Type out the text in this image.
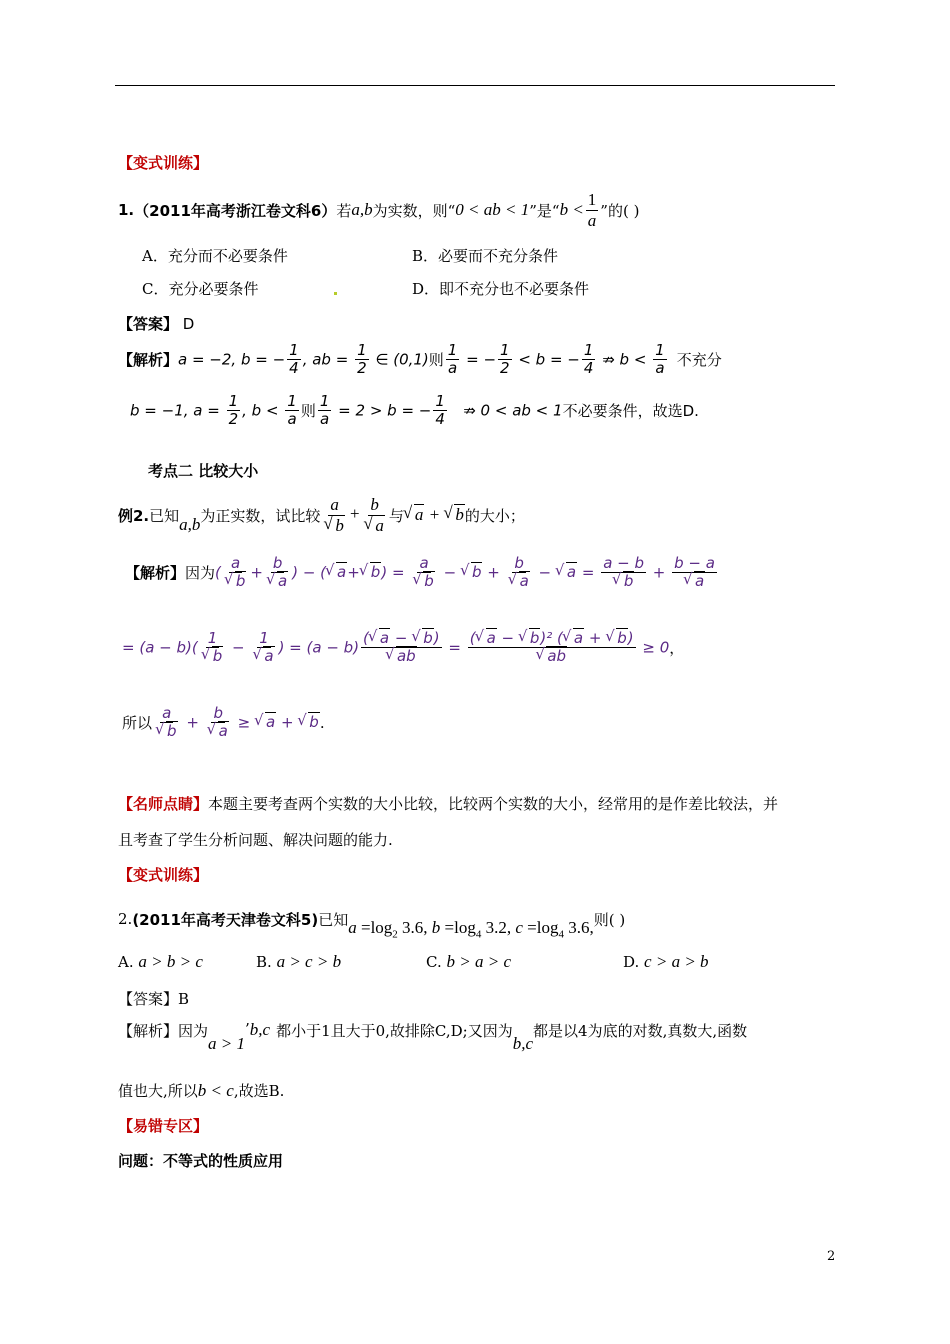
【变式训练】
1. （2011年高考浙江卷文科6） 若 a,b 为实数，则“ 0 < ab < 1 ”是“ $b < \frac{1}{a}$ ”的( )
A．充分而不必要条件	B．必要而不充分条件
C．充分必要条件	D．即不充分也不必要条件
【答案】 D
【解析】 a = −2, b = − $\frac{1}{4}$ , ab = $\frac{1}{2}$ ∈ (0,1) 则 $\frac{1}{a}$ = − $\frac{1}{2} < b$ = − $\frac{1}{4}$ ⇏ $b < \frac{1}{a}$ 不充分
b = −1, $a = \frac{1}{2}$ , $b < \frac{1}{a}$ 则 $\frac{1}{a} = 2 > b$ = − $\frac{1}{4}$ ⇏ 0 < ab < 1 不必要条件，故选D.
考点二 比较大小
例2. 已知 a,b 为正实数，试比较 a
√ b + b
√ a 与 √ a + √ b 的大小；
【解析】 因为 ( a
√ b + b
√ a ) − ( √ a+ √ b) = a
√ b − √ b + b
√ a − √ a = a − b
√ b + b − a
√ a
= (a − b)( 1
√ b − 1
√ a ) = (a − b) ( √ a − √ b)
√ ab = ( √ a − √ b)² ( √ a + √ b)
√ ab ≥ 0 ，
所以 a
√ b + b
√ a ≥ √ a + √ b .
【名师点睛】本题主要考查两个实数的大小比较，比较两个实数的大小，经常用的是作差比较法，并
且考查了学生分析问题、解决问题的能力.
【变式训练】
2. (2011年高考天津卷文科5) 已知 $a =\log_2$ 3.6, $b =\log_4$ 3.2, $c =\log_4$ 3.6, 则( )
A. a > b > c	B. a > c > b	C. b > a > c	D. c > a > b
【答案】B
【解析】因为
a > 1
’ b,c 都小于1且大于0,故排除C,D;又因为
b,c
都是以4为底的对数,真数大,函数
值也大,所以 b < c ,故选B.
【易错专区】
问题：不等式的性质应用
2
